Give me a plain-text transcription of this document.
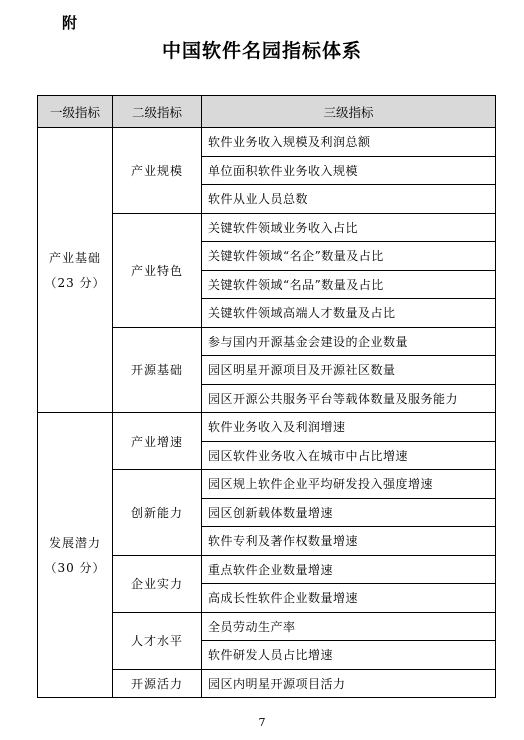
附
中国软件名园指标体系
一级指标	二级指标	三级指标
产业基础
（23 分）	产业规模	软件业务收入规模及利润总额
		单位面积软件业务收入规模
		软件从业人员总数
	产业特色	关键软件领域业务收入占比
		关键软件领域“名企”数量及占比
		关键软件领域“名品”数量及占比
		关键软件领域高端人才数量及占比
	开源基础	参与国内开源基金会建设的企业数量
		园区明星开源项目及开源社区数量
		园区开源公共服务平台等载体数量及服务能力
发展潜力
（30 分）	产业增速	软件业务收入及利润增速
		园区软件业务收入在城市中占比增速
	创新能力	园区规上软件企业平均研发投入强度增速
		园区创新载体数量增速
		软件专利及著作权数量增速
	企业实力	重点软件企业数量增速
		高成长性软件企业数量增速
	人才水平	全员劳动生产率
		软件研发人员占比增速
	开源活力	园区内明星开源项目活力
7
